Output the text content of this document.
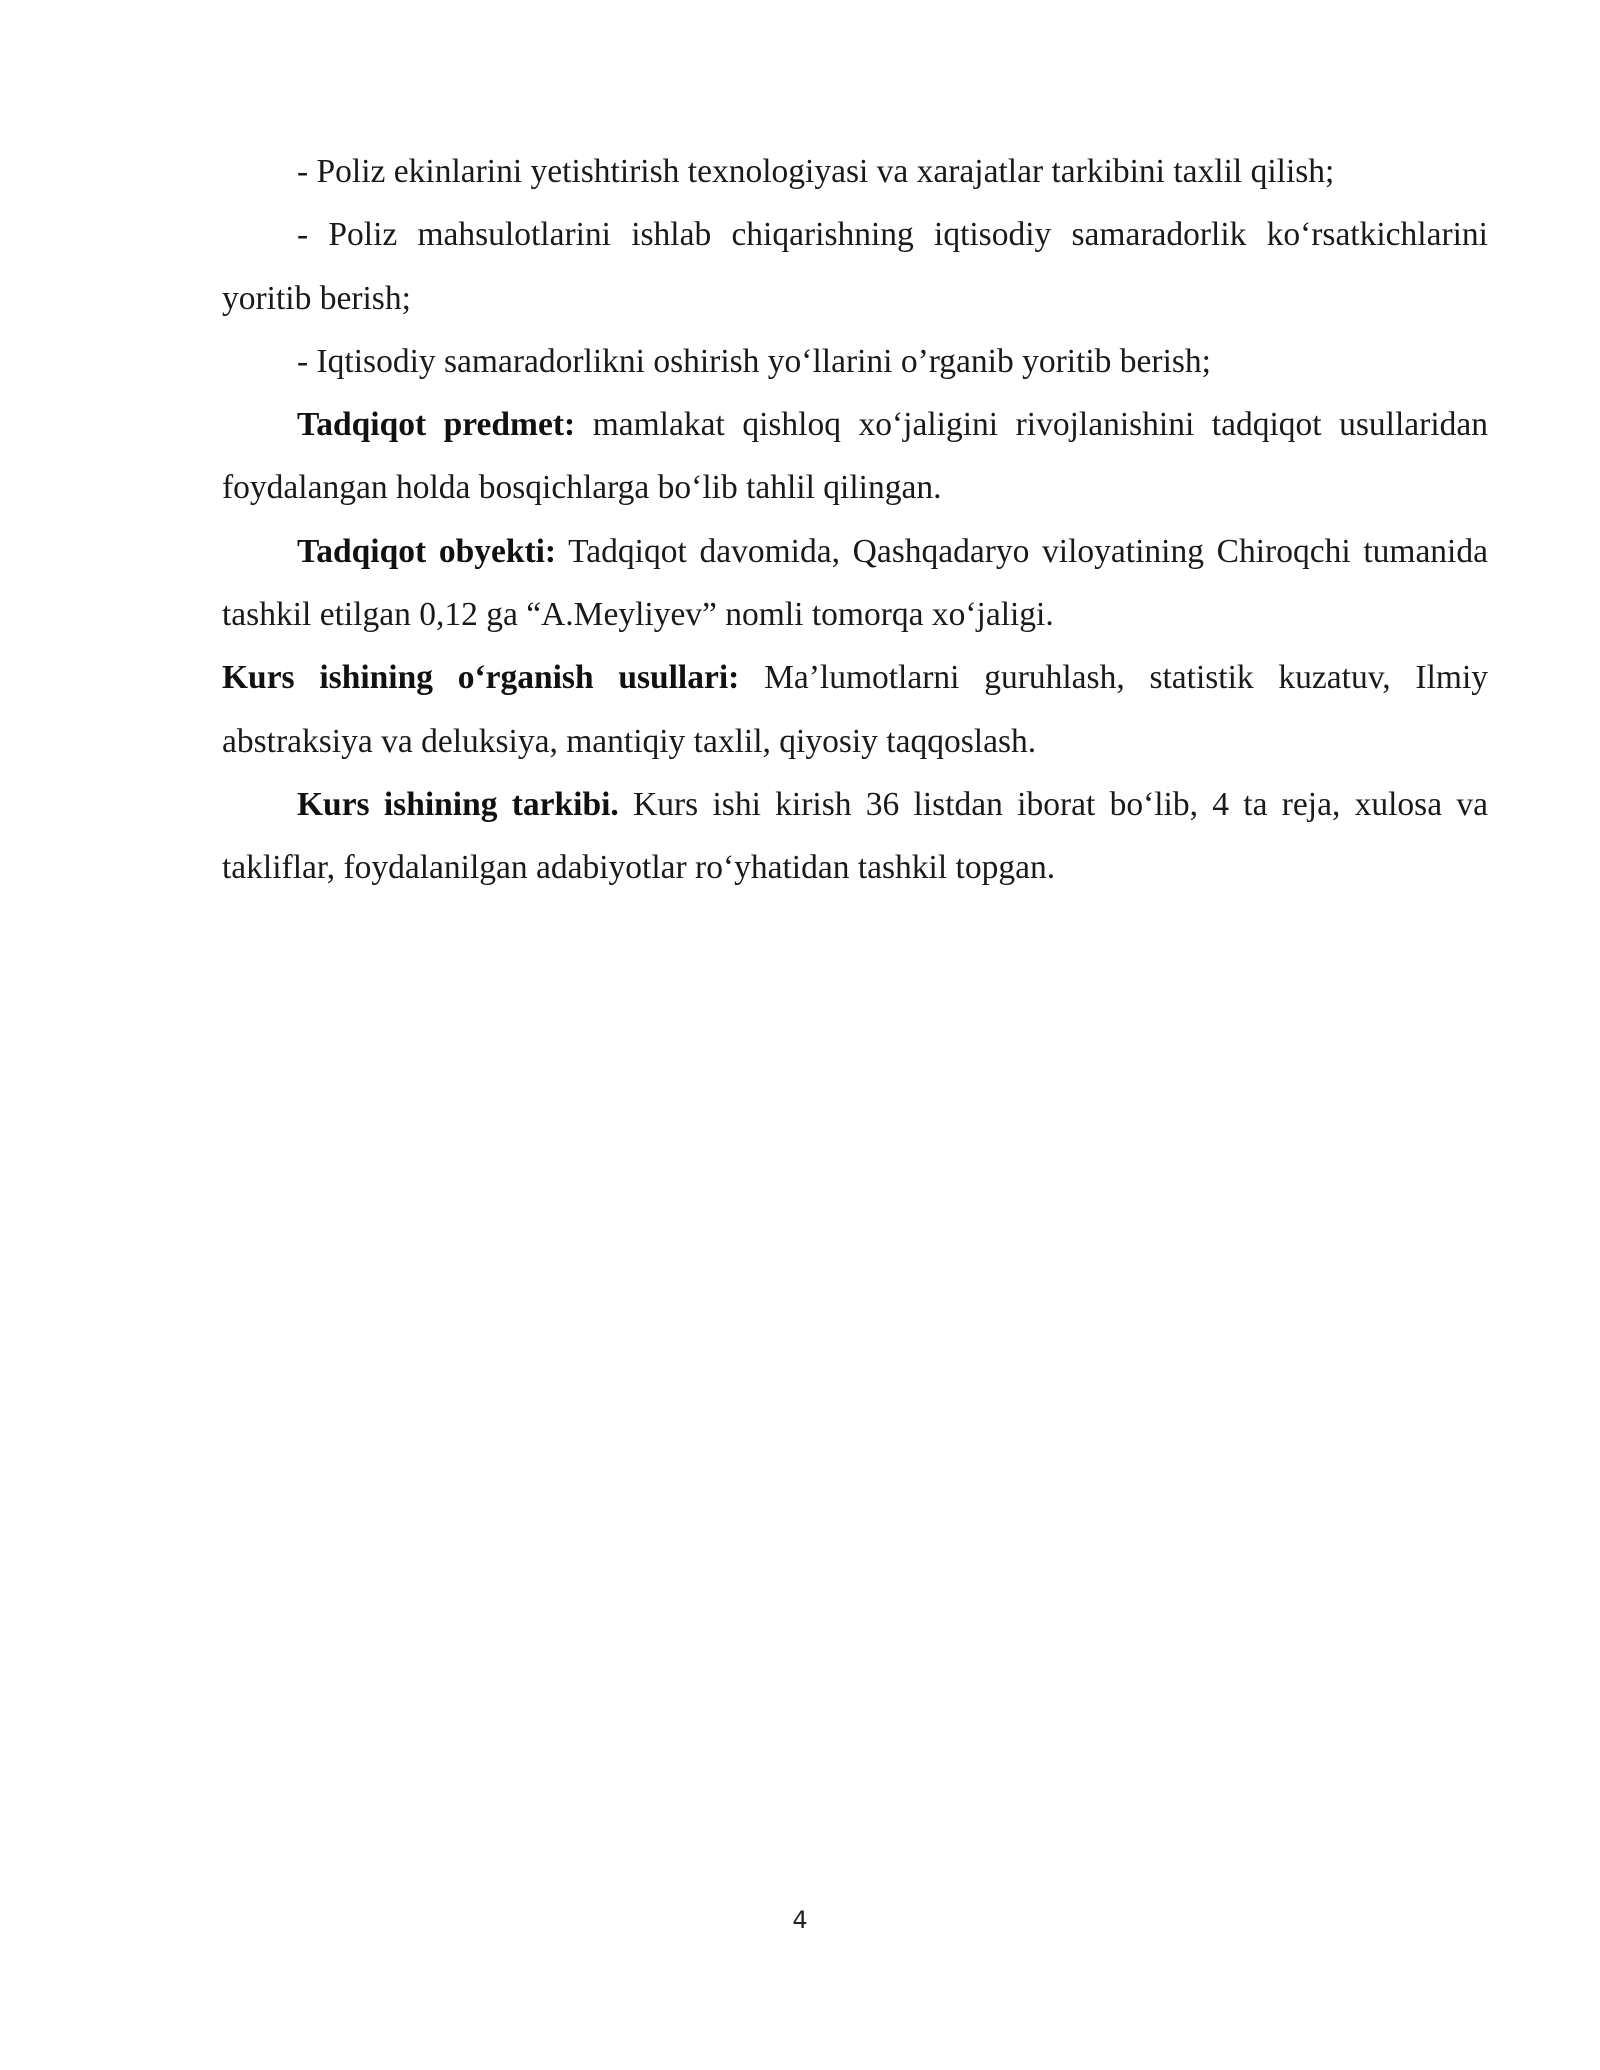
- Poliz ekinlarini yetishtirish texnologiyasi va xarajatlar tarkibini taxlil qilish;

- Poliz mahsulotlarini ishlab chiqarishning iqtisodiy samaradorlik ko‘rsatkichlarini yoritib berish;

- Iqtisodiy samaradorlikni oshirish yo‘llarini o’rganib yoritib berish;

Tadqiqot predmet: mamlakat qishloq xo‘jaligini rivojlanishini tadqiqot usullaridan foydalangan holda bosqichlarga bo‘lib tahlil qilingan.

Tadqiqot obyekti: Tadqiqot davomida, Qashqadaryo viloyatining Chiroqchi tumanida tashkil etilgan 0,12 ga “A.Meyliyev” nomli tomorqa xo‘jaligi.

Kurs ishining o‘rganish usullari: Ma’lumotlarni guruhlash, statistik kuzatuv, Ilmiy abstraksiya va deluksiya, mantiqiy taxlil, qiyosiy taqqoslash.

Kurs ishining tarkibi. Kurs ishi kirish 36 listdan iborat bo‘lib, 4 ta reja, xulosa va takliflar, foydalanilgan adabiyotlar ro‘yhatidan tashkil topgan.

4
